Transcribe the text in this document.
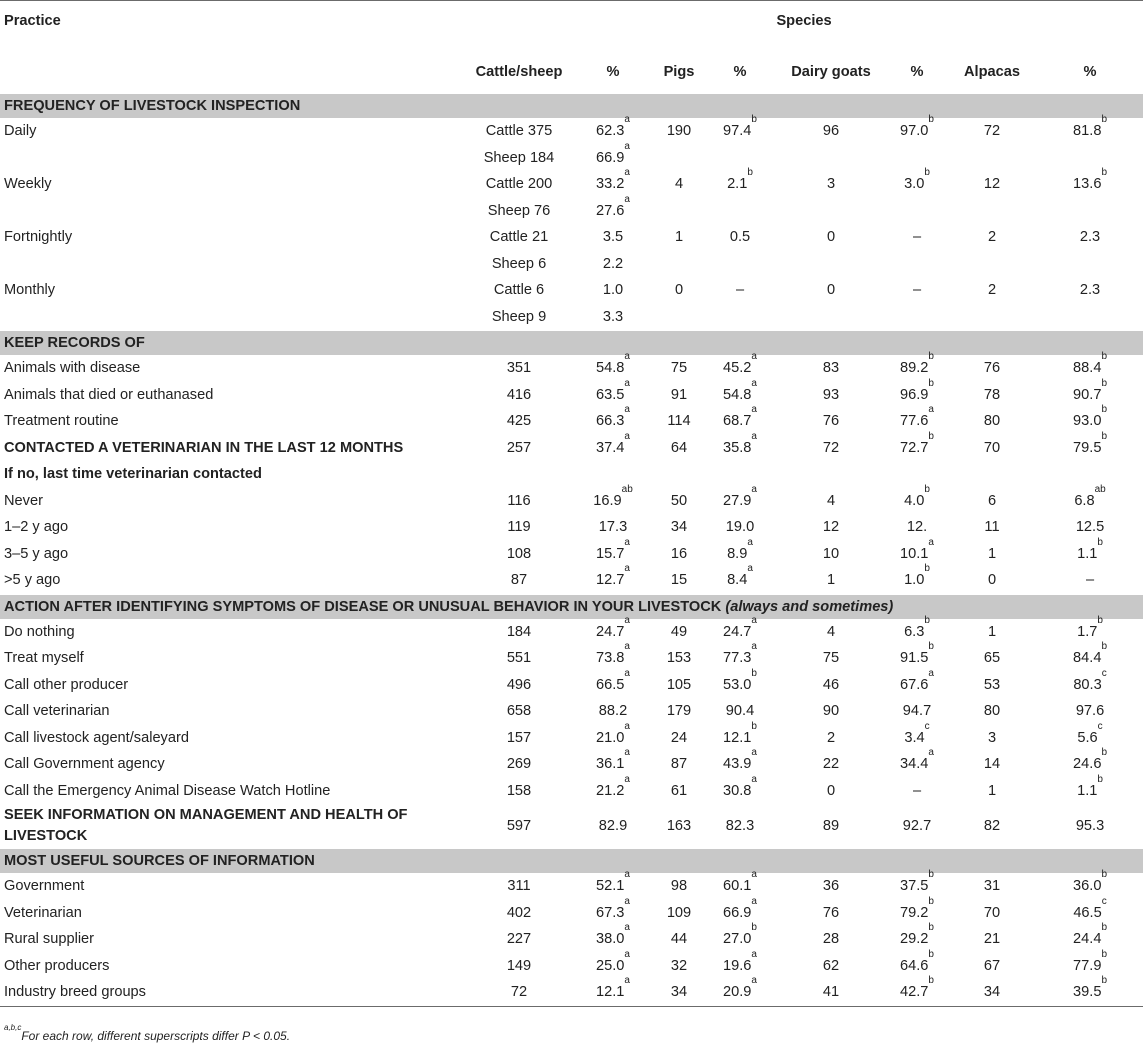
Practice	Species							
	Cattle/sheep	%	Pigs	%	Dairy goats	%	Alpacas	%
FREQUENCY OF LIVESTOCK INSPECTION								
Daily	Cattle 375	62.3$^a$	190	97.4$^b$	96	97.0$^b$	72	81.8$^b$
	Sheep 184	66.9$^a$						
Weekly	Cattle 200	33.2$^a$	4	2.1$^b$	3	3.0$^b$	12	13.6$^b$
	Sheep 76	27.6$^a$						
Fortnightly	Cattle 21	3.5	1	0.5	0	–	2	2.3
	Sheep 6	2.2						
Monthly	Cattle 6	1.0	0	–	0	–	2	2.3
	Sheep 9	3.3						
KEEP RECORDS OF								
Animals with disease	351	54.8$^a$	75	45.2$^a$	83	89.2$^b$	76	88.4$^b$
Animals that died or euthanased	416	63.5$^a$	91	54.8$^a$	93	96.9$^b$	78	90.7$^b$
Treatment routine	425	66.3$^a$	114	68.7$^a$	76	77.6$^a$	80	93.0$^b$
CONTACTED A VETERINARIAN IN THE LAST 12 MONTHS	257	37.4$^a$	64	35.8$^a$	72	72.7$^b$	70	79.5$^b$
If no, last time veterinarian contacted								
Never	116	16.9$^{ab}$	50	27.9$^a$	4	4.0$^b$	6	6.8$^{ab}$
1–2 y ago	119	17.3	34	19.0	12	12.	11	12.5
3–5 y ago	108	15.7$^a$	16	8.9$^a$	10	10.1$^a$	1	1.1$^b$
>5 y ago	87	12.7$^a$	15	8.4$^a$	1	1.0$^b$	0	–
ACTION AFTER IDENTIFYING SYMPTOMS OF DISEASE OR UNUSUAL BEHAVIOR IN YOUR LIVESTOCK (always and sometimes)								
Do nothing	184	24.7$^a$	49	24.7$^a$	4	6.3$^b$	1	1.7$^b$
Treat myself	551	73.8$^a$	153	77.3$^a$	75	91.5$^b$	65	84.4$^b$
Call other producer	496	66.5$^a$	105	53.0$^b$	46	67.6$^a$	53	80.3$^c$
Call veterinarian	658	88.2	179	90.4	90	94.7	80	97.6
Call livestock agent/saleyard	157	21.0$^a$	24	12.1$^b$	2	3.4$^c$	3	5.6$^c$
Call Government agency	269	36.1$^a$	87	43.9$^a$	22	34.4$^a$	14	24.6$^b$
Call the Emergency Animal Disease Watch Hotline	158	21.2$^a$	61	30.8$^a$	0	–	1	1.1$^b$
SEEK INFORMATION ON MANAGEMENT AND HEALTH OF LIVESTOCK	597	82.9	163	82.3	89	92.7	82	95.3
MOST USEFUL SOURCES OF INFORMATION								
Government	311	52.1$^a$	98	60.1$^a$	36	37.5$^b$	31	36.0$^b$
Veterinarian	402	67.3$^a$	109	66.9$^a$	76	79.2$^b$	70	46.5$^c$
Rural supplier	227	38.0$^a$	44	27.0$^b$	28	29.2$^b$	21	24.4$^b$
Other producers	149	25.0$^a$	32	19.6$^a$	62	64.6$^b$	67	77.9$^b$
Industry breed groups	72	12.1$^a$	34	20.9$^a$	41	42.7$^b$	34	39.5$^b$
$^{a,b,c}$For each row, different superscripts differ P < 0.05.
